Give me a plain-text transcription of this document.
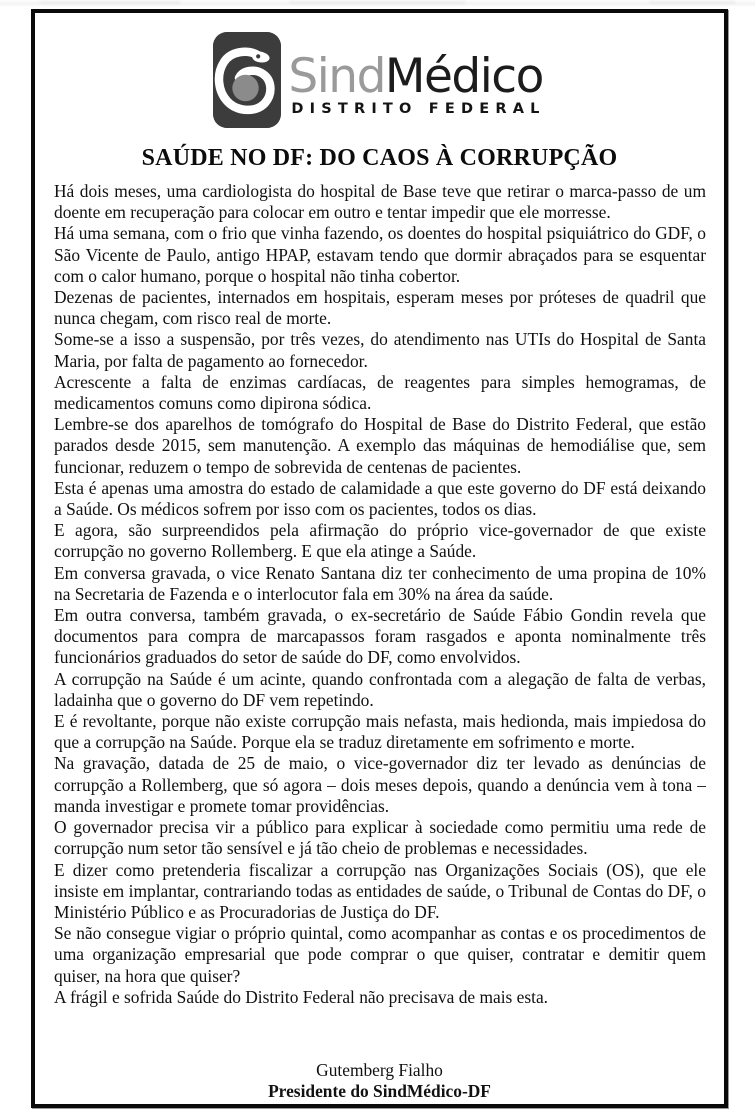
SindMédico
DISTRITO FEDERAL
SAÚDE NO DF: DO CAOS À CORRUPÇÃO

Há dois meses, uma cardiologista do hospital de Base teve que retirar o marca-passo de um doente em recuperação para colocar em outro e tentar impedir que ele morresse.

Há uma semana, com o frio que vinha fazendo, os doentes do hospital psiquiátrico do GDF, o São Vicente de Paulo, antigo HPAP, estavam tendo que dormir abraçados para se esquentar com o calor humano, porque o hospital não tinha cobertor.

Dezenas de pacientes, internados em hospitais, esperam meses por próteses de quadril que nunca chegam, com risco real de morte.

Some-se a isso a suspensão, por três vezes, do atendimento nas UTIs do Hospital de Santa Maria, por falta de pagamento ao fornecedor.

Acrescente a falta de enzimas cardíacas, de reagentes para simples hemogramas, de medicamentos comuns como dipirona sódica.

Lembre-se dos aparelhos de tomógrafo do Hospital de Base do Distrito Federal, que estão parados desde 2015, sem manutenção. A exemplo das máquinas de hemodiálise que, sem funcionar, reduzem o tempo de sobrevida de centenas de pacientes.

Esta é apenas uma amostra do estado de calamidade a que este governo do DF está deixando a Saúde. Os médicos sofrem por isso com os pacientes, todos os dias.

E agora, são surpreendidos pela afirmação do próprio vice-governador de que existe corrupção no governo Rollemberg. E que ela atinge a Saúde.

Em conversa gravada, o vice Renato Santana diz ter conhecimento de uma propina de 10% na Secretaria de Fazenda e o interlocutor fala em 30% na área da saúde.

Em outra conversa, também gravada, o ex-secretário de Saúde Fábio Gondin revela que documentos para compra de marcapassos foram rasgados e aponta nominalmente três funcionários graduados do setor de saúde do DF, como envolvidos.

A corrupção na Saúde é um acinte, quando confrontada com a alegação de falta de verbas, ladainha que o governo do DF vem repetindo.

E é revoltante, porque não existe corrupção mais nefasta, mais hedionda, mais impiedosa do que a corrupção na Saúde. Porque ela se traduz diretamente em sofrimento e morte.

Na gravação, datada de 25 de maio, o vice-governador diz ter levado as denúncias de corrupção a Rollemberg, que só agora – dois meses depois, quando a denúncia vem à tona – manda investigar e promete tomar providências.

O governador precisa vir a público para explicar à sociedade como permitiu uma rede de corrupção num setor tão sensível e já tão cheio de problemas e necessidades.

E dizer como pretenderia fiscalizar a corrupção nas Organizações Sociais (OS), que ele insiste em implantar, contrariando todas as entidades de saúde, o Tribunal de Contas do DF, o Ministério Público e as Procuradorias de Justiça do DF.

Se não consegue vigiar o próprio quintal, como acompanhar as contas e os procedimentos de uma organização empresarial que pode comprar o que quiser, contratar e demitir quem quiser, na hora que quiser?

A frágil e sofrida Saúde do Distrito Federal não precisava de mais esta.

Gutemberg Fialho
Presidente do SindMédico-DF
